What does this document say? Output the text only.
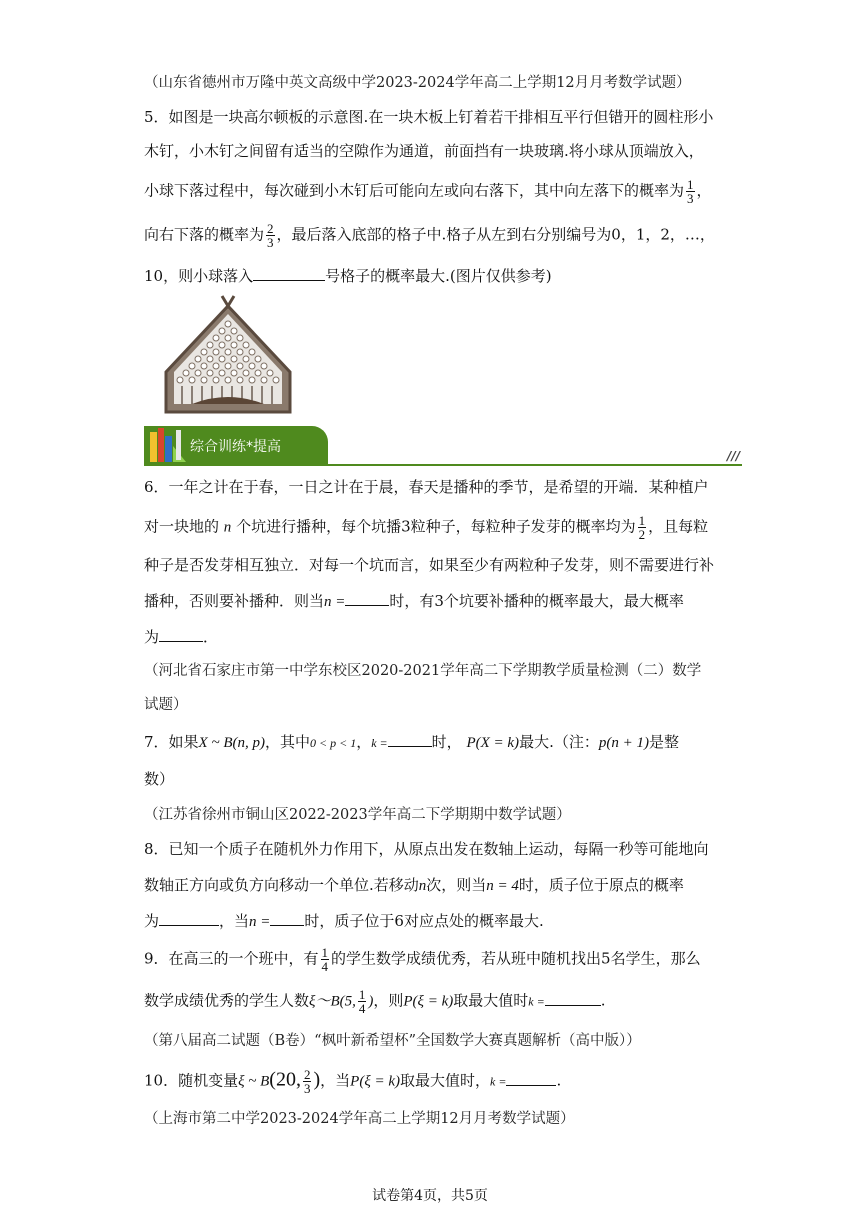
（山东省德州市万隆中英文高级中学2023-2024学年高二上学期12月月考数学试题）
5．如图是一块高尔顿板的示意图.在一块木板上钉着若干排相互平行但错开的圆柱形小
木钉，小木钉之间留有适当的空隙作为通道，前面挡有一块玻璃.将小球从顶端放入，
小球下落过程中，每次碰到小木钉后可能向左或向右落下，其中向左落下的概率为 $\frac{1}{3}$ ，
向右下落的概率为 $\frac{2}{3}$ ，最后落入底部的格子中.格子从左到右分别编号为0，1，2，…，
10，则小球落入	号格子的概率最大.(图片仅供参考)
综合训练*提高
///
6．一年之计在于春，一日之计在于晨，春天是播种的季节，是希望的开端．某种植户
对一块地的 n 个坑进行播种，每个坑播3粒种子，每粒种子发芽的概率均为 $\frac{1}{2}$ ，且每粒
种子是否发芽相互独立．对每一个坑而言，如果至少有两粒种子发芽，则不需要进行补
播种，否则要补播种．则当n =	时，有3个坑要补播种的概率最大，最大概率
为	．
（河北省石家庄市第一中学东校区2020-2021学年高二下学期教学质量检测（二）数学
试题）
7．如果X ~ B(n, p)，其中0 < p < 1，k =	时， P(X = k)最大.（注：p(n + 1)是整
数）
（江苏省徐州市铜山区2022-2023学年高二下学期期中数学试题）
8．已知一个质子在随机外力作用下，从原点出发在数轴上运动，每隔一秒等可能地向
数轴正方向或负方向移动一个单位.若移动n次，则当n = 4时，质子位于原点的概率
为	，当n = 时，质子位于6对应点处的概率最大.
9．在高三的一个班中，有 $\frac{1}{4}$ 的学生数学成绩优秀，若从班中随机找出5名学生，那么
数学成绩优秀的学生人数ξ～B(5, $\frac{1}{4}$ )，则P(ξ = k)取最大值时k =	.
（第八届高二试题（B卷）“枫叶新希望杯”全国数学大赛真题解析（高中版））
10．随机变量ξ ~ B(20, $\frac{2}{3}$ )，当P(ξ = k)取最大值时，k =	.
（上海市第二中学2023-2024学年高二上学期12月月考数学试题）
试卷第4页，共5页
